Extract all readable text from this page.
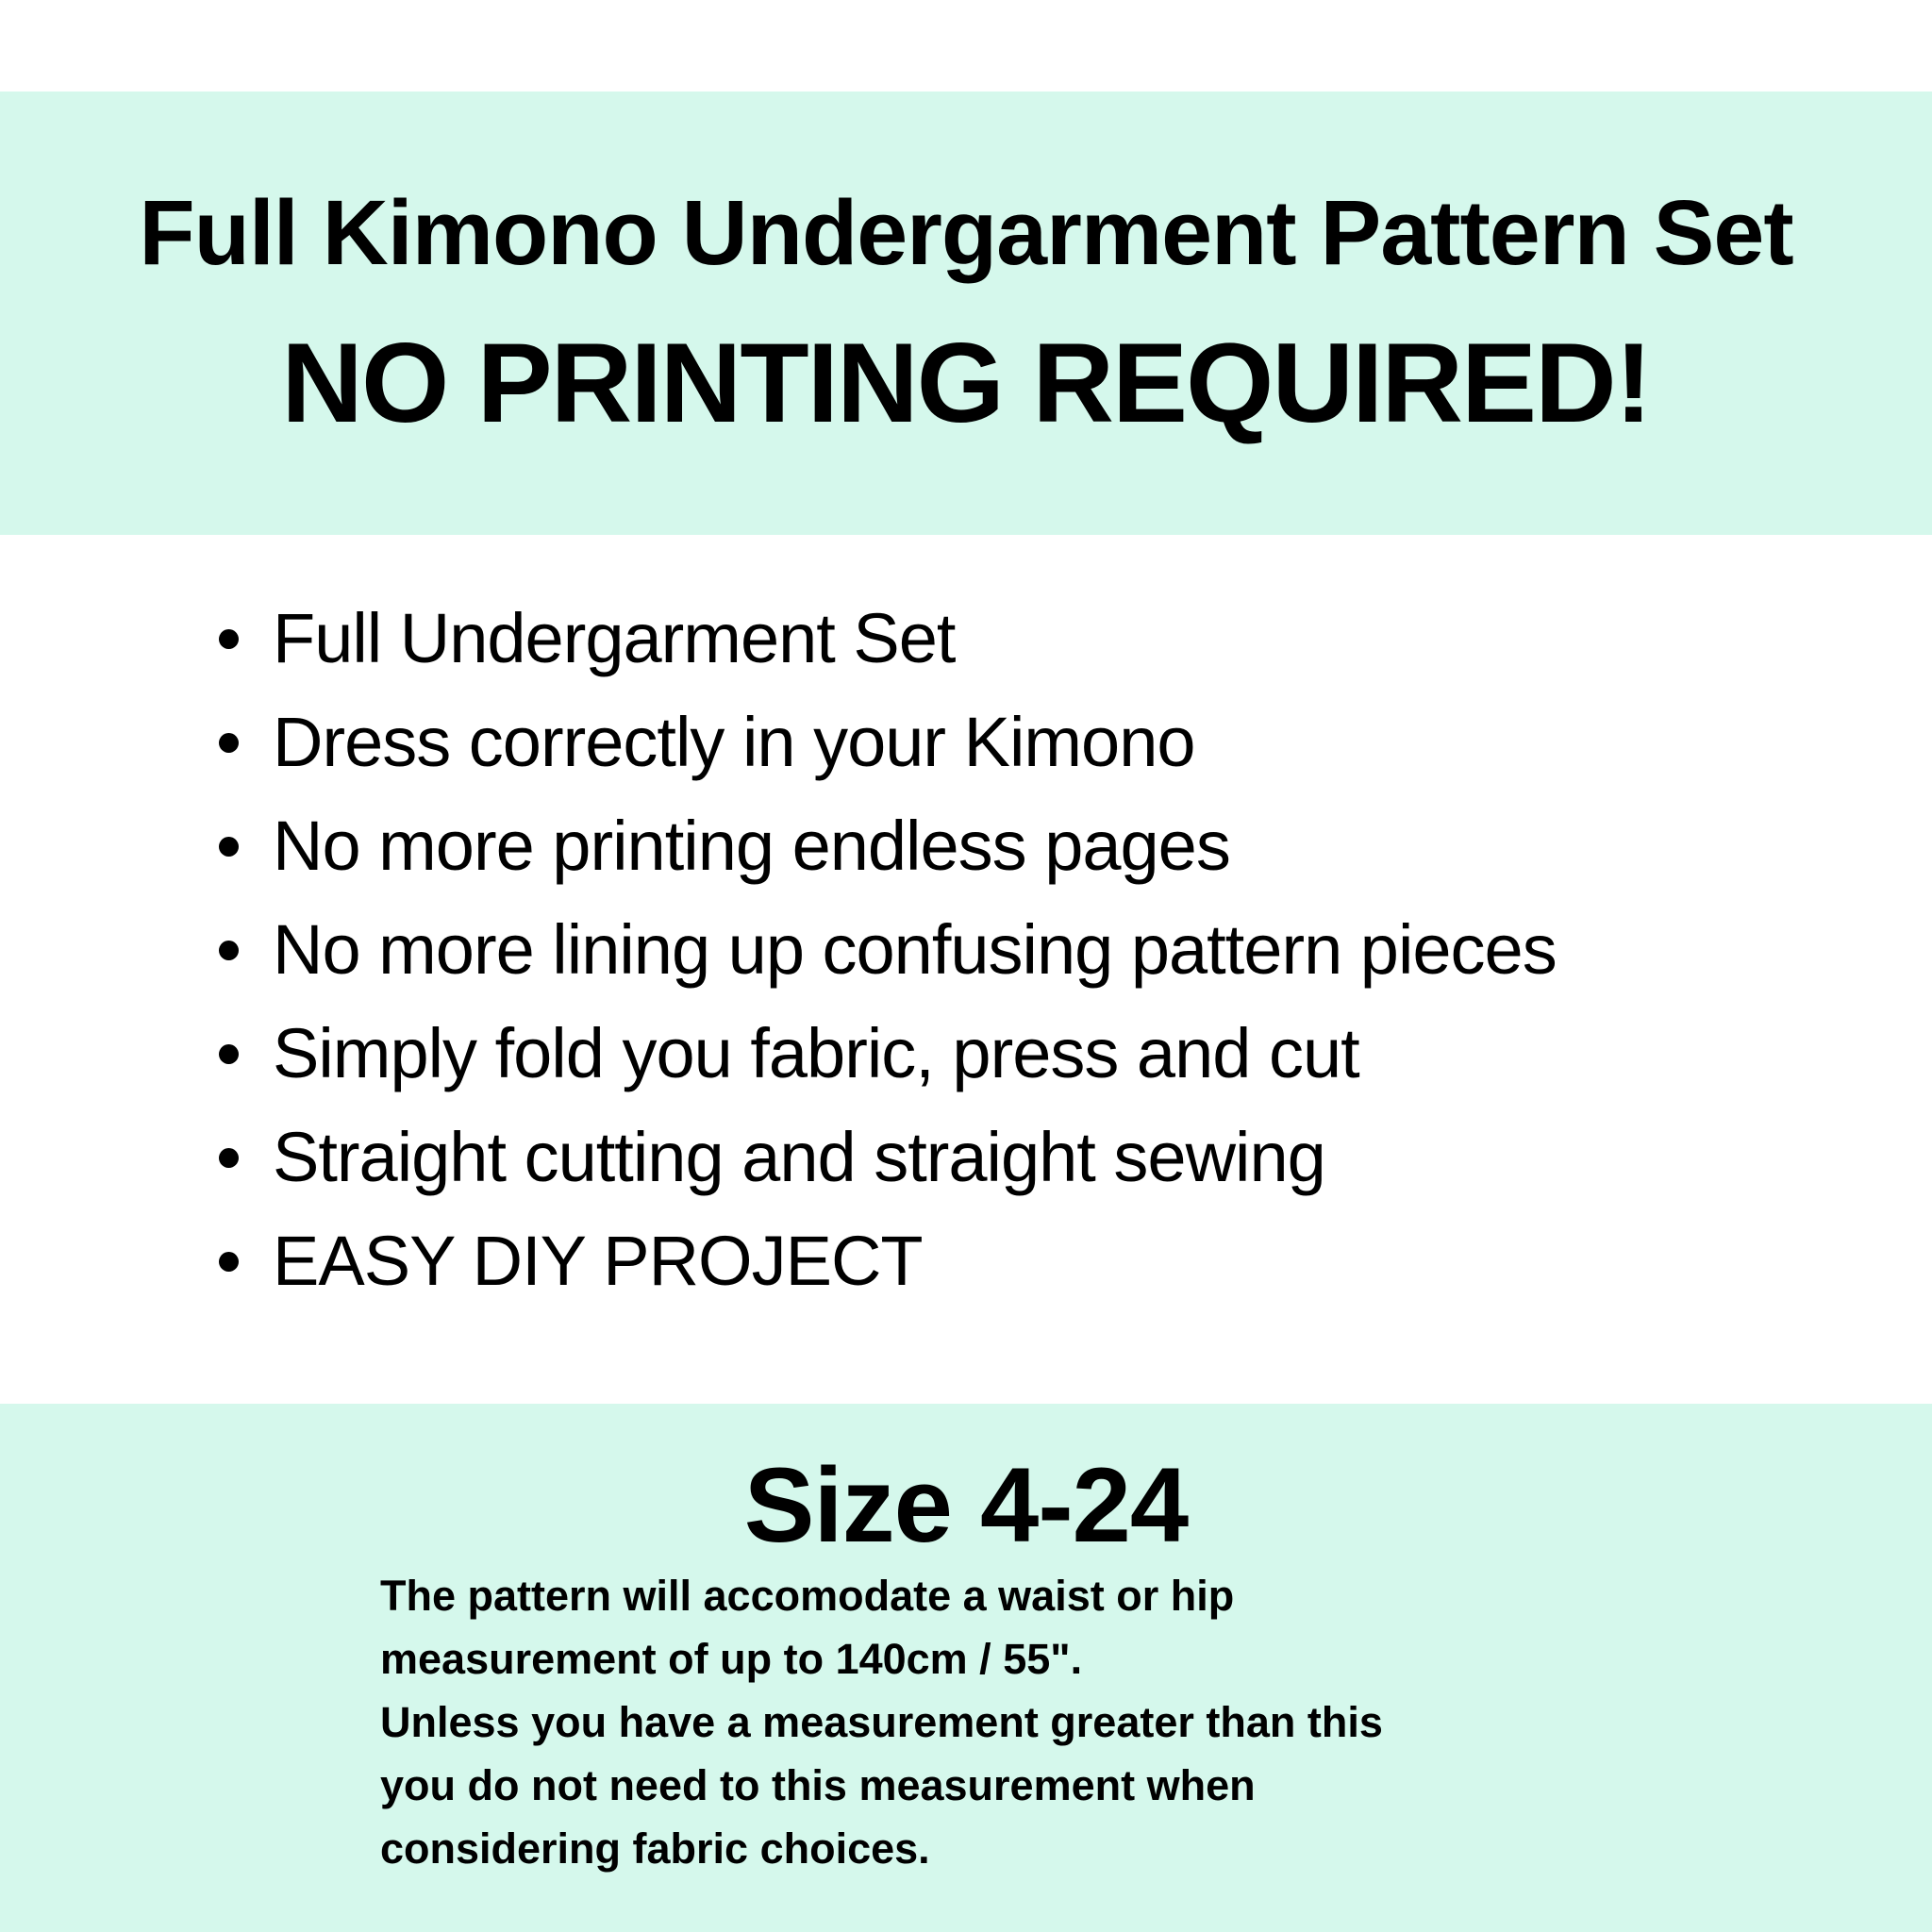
Full Kimono Undergarment Pattern Set
NO PRINTING REQUIRED!
Full Undergarment Set
Dress correctly in your Kimono
No more printing endless pages
No more lining up confusing pattern pieces
Simply fold you fabric, press and cut
Straight cutting and straight sewing
EASY DIY PROJECT
Size 4-24

The pattern will accomodate a waist or hip

measurement of up to 140cm / 55".

Unless you have a measurement greater than this

you do not need to this measurement when

considering fabric choices.
